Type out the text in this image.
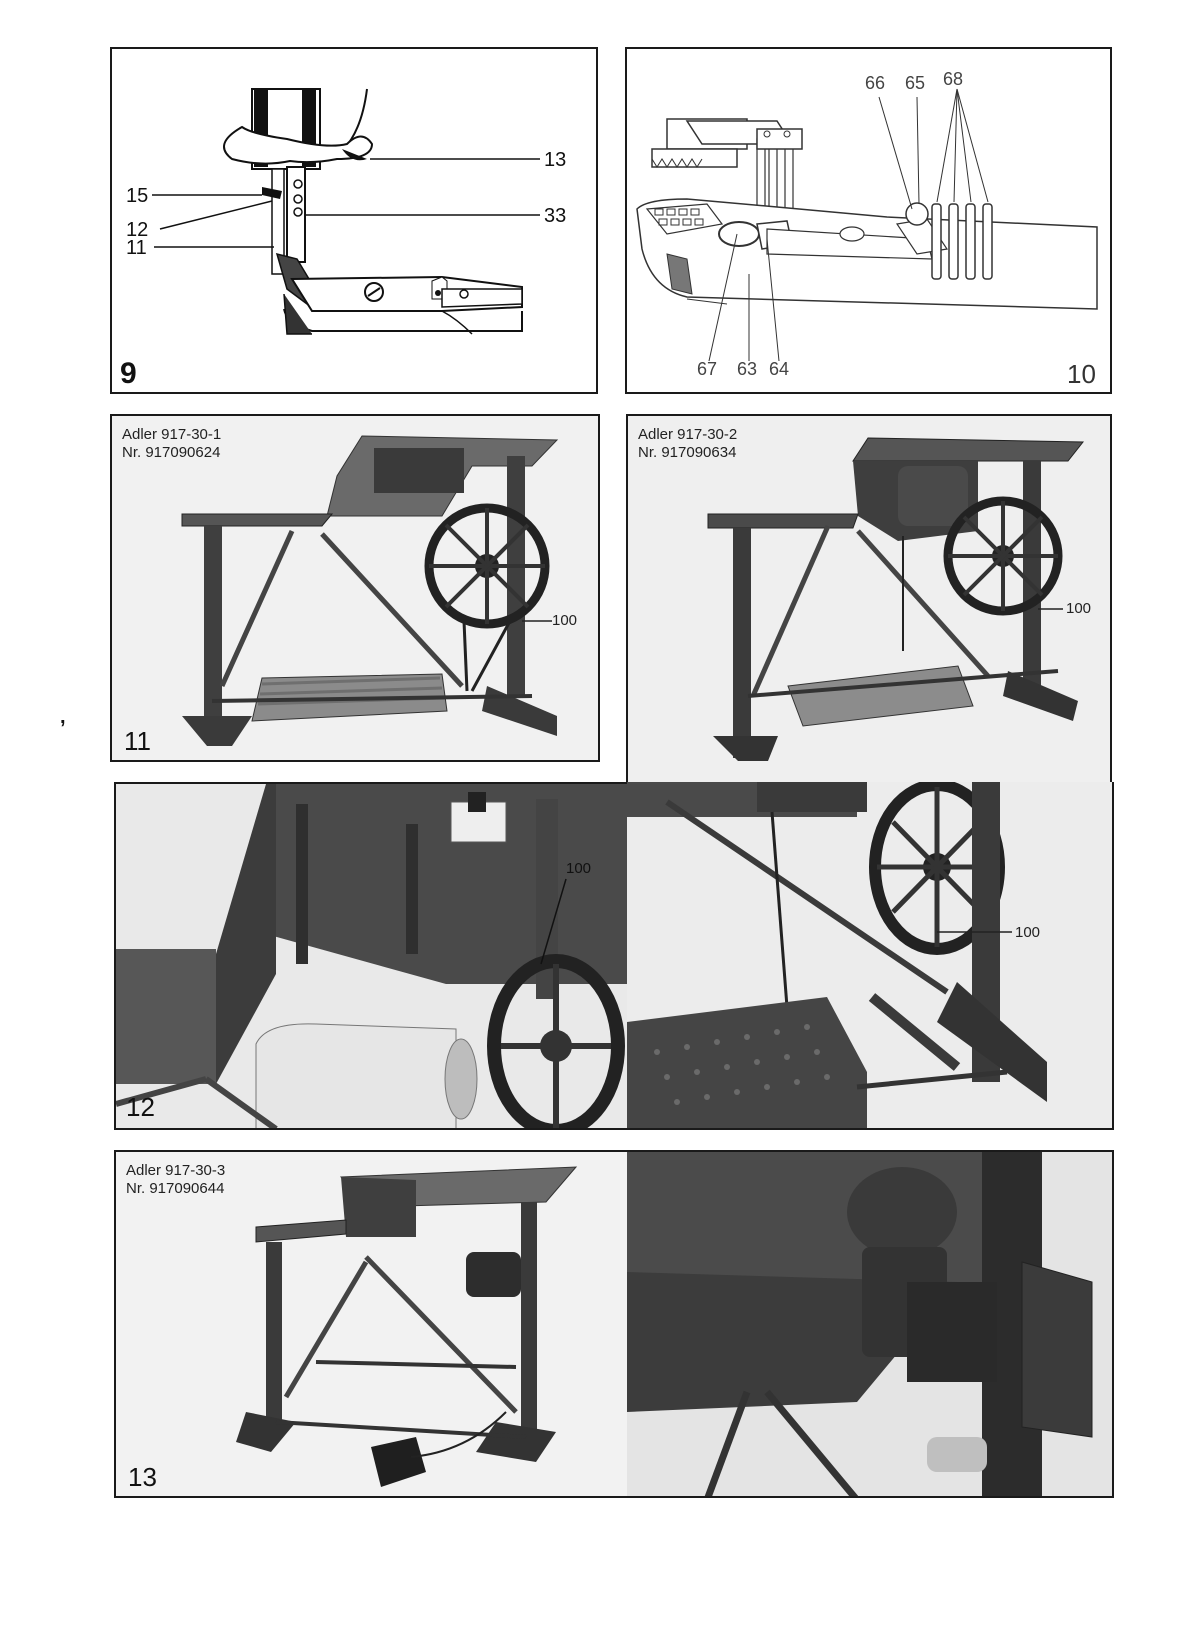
,
13
15
12
11
33
9
66 65 68
67 63 64	10
Adler 917-30-1
Nr. 917090624
100
11
Adler 917-30-2
Nr. 917090634
100
100
12
100
Adler 917-30-3
Nr. 917090644
13
